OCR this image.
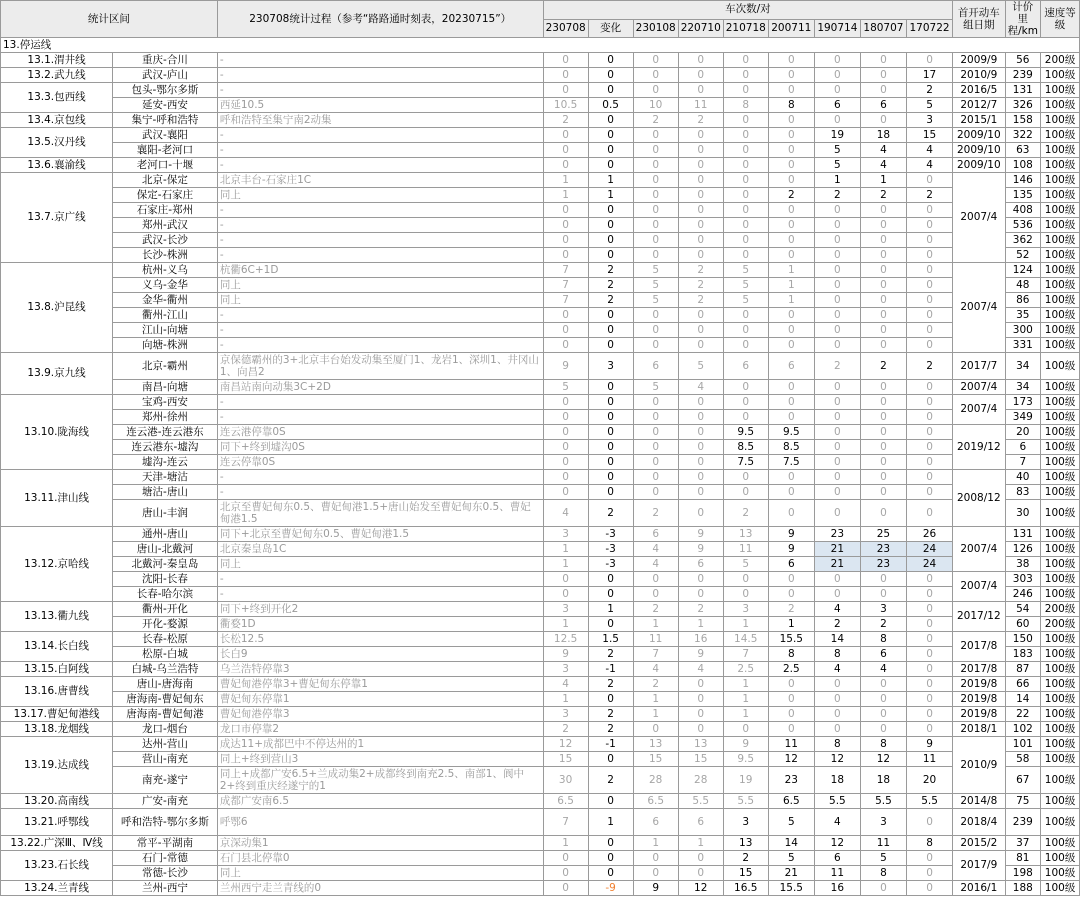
统计区间		230708统计过程（参考“路路通时刻表，20230715”）	车次数/对									首开动车组日期	计价里程/km	速度等级
			230708	变化	230108	220710	210718	200711	190714	180707	170722			
13.停运线														
13.1.渭井线	重庆-合川	-	0	0	0	0	0	0	0	0	0	2009/9	56	200级
13.2.武九线	武汉-庐山	-	0	0	0	0	0	0	0	0	17	2010/9	239	100级
13.3.包西线	包头-鄂尔多斯	-	0	0	0	0	0	0	0	0	2	2016/5	131	100级
	延安-西安	西延10.5	10.5	0.5	10	11	8	8	6	6	5	2012/7	326	100级
13.4.京包线	集宁-呼和浩特	呼和浩特至集宁南2动集	2	0	2	2	0	0	0	0	3	2015/1	158	100级
13.5.汉丹线	武汉-襄阳	-	0	0	0	0	0	0	19	18	15	2009/10	322	100级
	襄阳-老河口	-	0	0	0	0	0	0	5	4	4	2009/10	63	100级
13.6.襄渝线	老河口-十堰	-	0	0	0	0	0	0	5	4	4	2009/10	108	100级
13.7.京广线	北京-保定	北京丰台-石家庄1C	1	1	0	0	0	0	1	1	0	2007/4	146	100级
	保定-石家庄	同上	1	1	0	0	0	2	2	2	2		135	100级
	石家庄-郑州	-	0	0	0	0	0	0	0	0	0		408	100级
	郑州-武汉	-	0	0	0	0	0	0	0	0	0		536	100级
	武汉-长沙	-	0	0	0	0	0	0	0	0	0		362	100级
	长沙-株洲	-	0	0	0	0	0	0	0	0	0		52	100级
13.8.沪昆线	杭州-义乌	杭衢6C+1D	7	2	5	2	5	1	0	0	0	2007/4	124	100级
	义乌-金华	同上	7	2	5	2	5	1	0	0	0		48	100级
	金华-衢州	同上	7	2	5	2	5	1	0	0	0		86	100级
	衢州-江山	-	0	0	0	0	0	0	0	0	0		35	100级
	江山-向塘	-	0	0	0	0	0	0	0	0	0		300	100级
	向塘-株洲	-	0	0	0	0	0	0	0	0	0		331	100级
13.9.京九线	北京-霸州	京保德霸州的3+北京丰台始发动集至厦门1、龙岩1、深圳1、井冈山1、向昌2	9	3	6	5	6	6	2	2	2	2017/7	34	100级
	南昌-向塘	南昌站南向动集3C+2D	5	0	5	4	0	0	0	0	0	2007/4	34	100级
13.10.陇海线	宝鸡-西安	-	0	0	0	0	0	0	0	0	0	2007/4	173	100级
	郑州-徐州	-	0	0	0	0	0	0	0	0	0		349	100级
	连云港-连云港东	连云港停靠0S	0	0	0	0	9.5	9.5	0	0	0	2019/12	20	100级
	连云港东-墟沟	同下+终到墟沟0S	0	0	0	0	8.5	8.5	0	0	0		6	100级
	墟沟-连云	连云停靠0S	0	0	0	0	7.5	7.5	0	0	0		7	100级
13.11.津山线	天津-塘沽	-	0	0	0	0	0	0	0	0	0	2008/12	40	100级
	塘沽-唐山	-	0	0	0	0	0	0	0	0	0		83	100级
	唐山-丰润	北京至曹妃甸东0.5、曹妃甸港1.5+唐山始发至曹妃甸东0.5、曹妃甸港1.5	4	2	2	0	2	0	0	0	0		30	100级
13.12.京哈线	通州-唐山	同下+北京至曹妃甸东0.5、曹妃甸港1.5	3	-3	6	9	13	9	23	25	26	2007/4	131	100级
	唐山-北戴河	北京秦皇岛1C	1	-3	4	9	11	9	21	23	24		126	100级
	北戴河-秦皇岛	同上	1	-3	4	6	5	6	21	23	24		38	100级
	沈阳-长春	-	0	0	0	0	0	0	0	0	0	2007/4	303	100级
	长春-哈尔滨	-	0	0	0	0	0	0	0	0	0		246	100级
13.13.衢九线	衢州-开化	同下+终到开化2	3	1	2	2	3	2	4	3	0	2017/12	54	200级
	开化-婺源	衢婺1D	1	0	1	1	1	1	2	2	0		60	200级
13.14.长白线	长春-松原	长松12.5	12.5	1.5	11	16	14.5	15.5	14	8	0	2017/8	150	100级
	松原-白城	长白9	9	2	7	9	7	8	8	6	0		183	100级
13.15.白阿线	白城-乌兰浩特	乌兰浩特停靠3	3	-1	4	4	2.5	2.5	4	4	0	2017/8	87	100级
13.16.唐曹线	唐山-唐海南	曹妃甸港停靠3+曹妃甸东停靠1	4	2	2	0	1	0	0	0	0	2019/8	66	100级
	唐海南-曹妃甸东	曹妃甸东停靠1	1	0	1	0	1	0	0	0	0	2019/8	14	100级
13.17.曹妃甸港线	唐海南-曹妃甸港	曹妃甸港停靠3	3	2	1	0	1	0	0	0	0	2019/8	22	100级
13.18.龙烟线	龙口-烟台	龙口市停靠2	2	2	0	0	0	0	0	0	0	2018/1	102	100级
13.19.达成线	达州-营山	成达11+成都巴中不停达州的1	12	-1	13	13	9	11	8	8	9	2010/9	101	100级
	营山-南充	同上+终到营山3	15	0	15	15	9.5	12	12	12	11		58	100级
	南充-遂宁	同上+成都广安6.5+兰成动集2+成都终到南充2.5、南部1、阆中2+终到重庆经遂宁的1	30	2	28	28	19	23	18	18	20		67	100级
13.20.高南线	广安-南充	成都广安南6.5	6.5	0	6.5	5.5	5.5	6.5	5.5	5.5	5.5	2014/8	75	100级
13.21.呼鄂线	呼和浩特-鄂尔多斯	呼鄂6	7	1	6	6	3	5	4	3	0	2018/4	239	100级
13.22.广深Ⅲ、Ⅳ线	常平-平湖南	京深动集1	1	0	1	1	13	14	12	11	8	2015/2	37	100级
13.23.石长线	石门-常德	石门县北停靠0	0	0	0	0	2	5	6	5	0	2017/9	81	100级
	常德-长沙	同上	0	0	0	0	15	21	11	8	0		198	100级
13.24.兰青线	兰州-西宁	兰州西宁走兰青线的0	0	-9	9	12	16.5	15.5	16	0	0	2016/1	188	100级
